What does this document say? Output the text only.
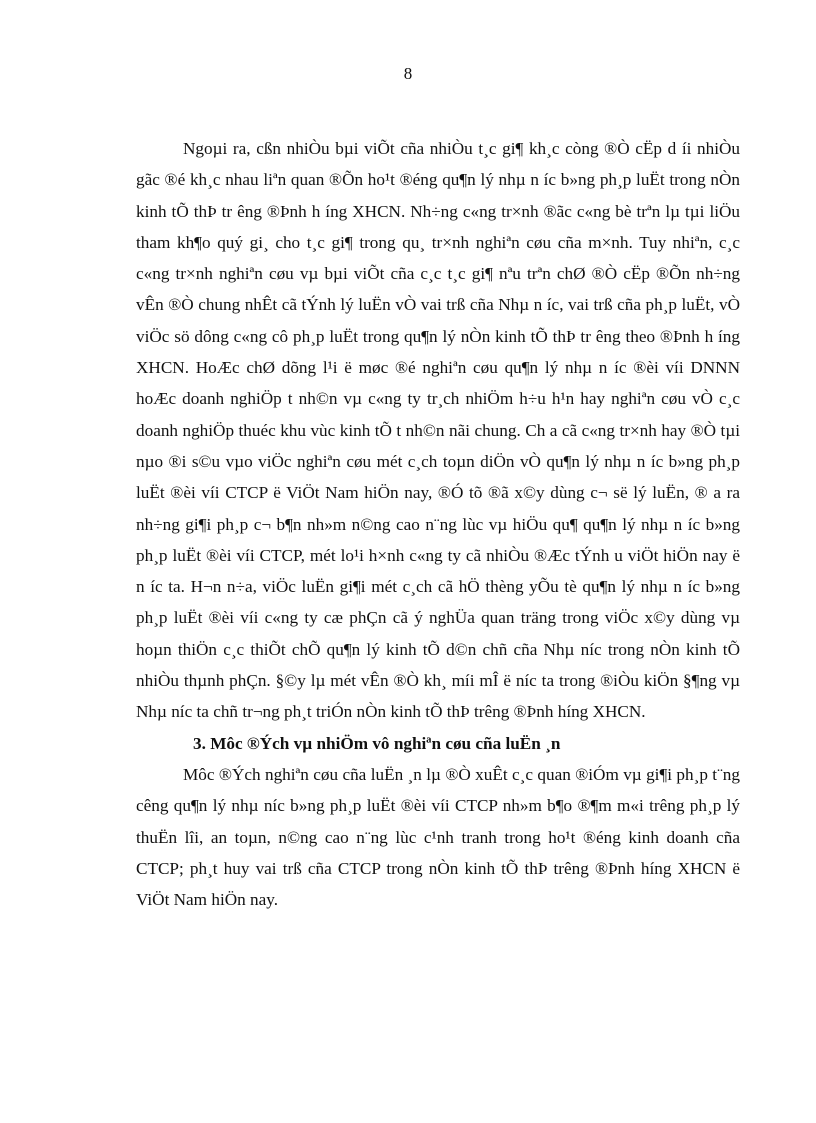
8

Ngoµi ra, cßn nhiÒu bµi viÕt cña nhiÒu t¸c gi¶ kh¸c còng ®Ò cËp d íi nhiÒu gãc ®é kh¸c nhau liªn quan ®Õn ho¹t ®éng qu¶n lý nhµ n íc b»ng ph¸p luËt trong nÒn kinh tÕ thÞ tr êng ®Þnh h íng XHCN. Nh÷ng c«ng tr×nh ®ãc c«ng bè trªn lµ tµi liÖu tham kh¶o quý gi¸ cho t¸c gi¶ trong qu¸ tr×nh nghiªn cøu cña m×nh. Tuy nhiªn, c¸c c«ng tr×nh nghiªn cøu vµ bµi viÕt cña c¸c t¸c gi¶ nªu trªn chØ ®Ò cËp ®Õn nh÷ng vÊn ®Ò chung nhÊt cã tÝnh lý luËn vÒ vai trß cña Nhµ n íc, vai trß cña ph¸p luËt, vÒ viÖc sö dông c«ng cô ph¸p luËt trong qu¶n lý nÒn kinh tÕ thÞ tr êng theo ®Þnh h íng XHCN. HoÆc chØ dõng l¹i ë møc ®é nghiªn cøu qu¶n lý nhµ n íc ®èi víi DNNN hoÆc doanh nghiÖp t nh©n vµ c«ng ty tr¸ch nhiÖm h÷u h¹n hay nghiªn cøu vÒ c¸c doanh nghiÖp thuéc khu vùc kinh tÕ t nh©n nãi chung. Ch a cã c«ng tr×nh hay ®Ò tµi nµo ®i s©u vµo viÖc nghiªn cøu mét c¸ch toµn diÖn vÒ qu¶n lý nhµ n íc b»ng ph¸p luËt ®èi víi CTCP ë ViÖt Nam hiÖn nay, ®Ó tõ ®ã x©y dùng c¬ së lý luËn, ® a ra nh÷ng gi¶i ph¸p c¬ b¶n nh»m n©ng cao n¨ng lùc vµ hiÖu qu¶ qu¶n lý nhµ n íc b»ng ph¸p luËt ®èi víi CTCP, mét lo¹i h×nh c«ng ty cã nhiÒu ®Æc tÝnh u viÖt hiÖn nay ë n íc ta. H¬n n÷a, viÖc luËn gi¶i mét c¸ch cã hÖ thèng yÕu tè qu¶n lý nhµ n íc b»ng ph¸p luËt ®èi víi c«ng ty cæ phÇn cã ý nghÜa quan träng trong viÖc x©y dùng vµ hoµn thiÖn c¸c thiÕt chÕ qu¶n lý kinh tÕ d©n chñ cña Nhµ níc trong nÒn kinh tÕ nhiÒu thµnh phÇn. §©y lµ mét vÊn ®Ò kh¸ míi mÎ ë níc ta trong ®iÒu kiÖn §¶ng vµ Nhµ níc ta chñ tr¬ng ph¸t triÓn nÒn kinh tÕ thÞ trêng ®Þnh híng XHCN.

3. Môc ®Ých vµ nhiÖm vô nghiªn cøu cña luËn ¸n

Môc ®Ých nghiªn cøu cña luËn ¸n lµ ®Ò xuÊt c¸c quan ®iÓm vµ gi¶i ph¸p t¨ng cêng qu¶n lý nhµ níc b»ng ph¸p luËt ®èi víi CTCP nh»m b¶o ®¶m m«i trêng ph¸p lý thuËn lîi, an toµn, n©ng cao n¨ng lùc c¹nh tranh trong ho¹t ®éng kinh doanh cña CTCP; ph¸t huy vai trß cña CTCP trong nÒn kinh tÕ thÞ trêng ®Þnh híng XHCN ë ViÖt Nam hiÖn nay.
